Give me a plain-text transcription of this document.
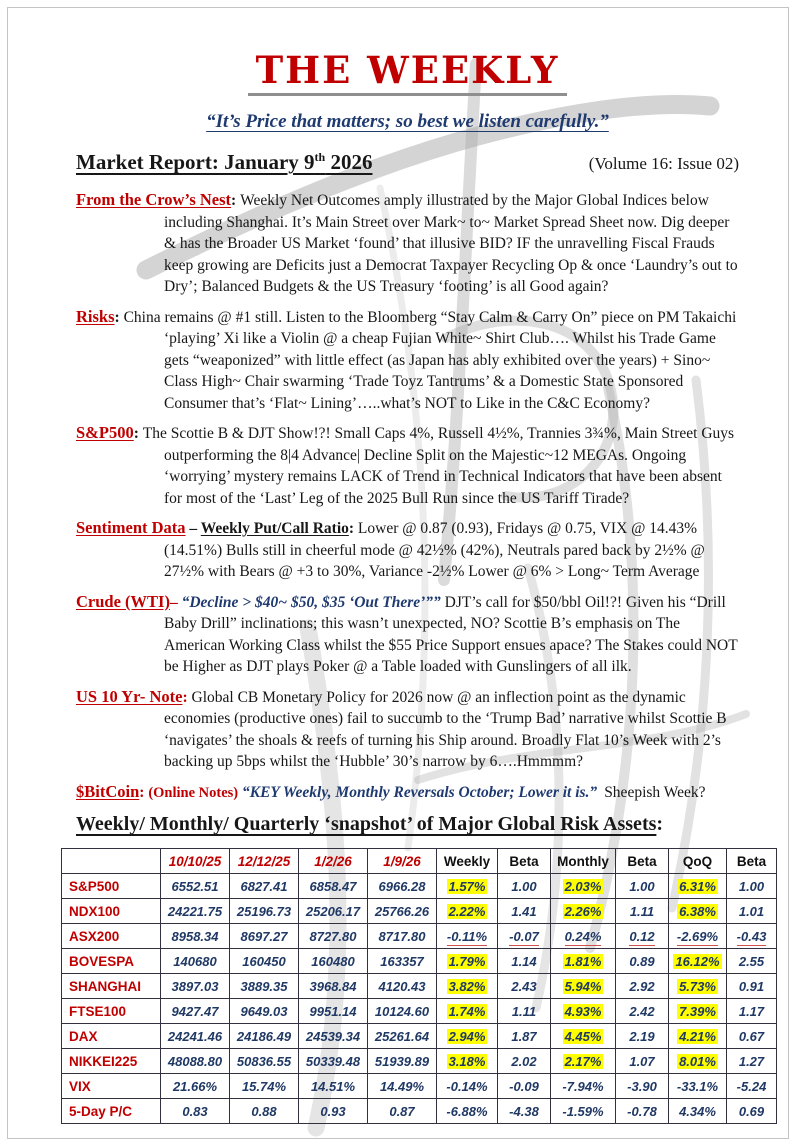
THE WEEKLY
“It’s Price that matters; so best we listen carefully.”
Market Report: January 9th 2026	(Volume 16: Issue 02)

From the Crow’s Nest: Weekly Net Outcomes amply illustrated by the Major Global Indices below including Shanghai. It’s Main Street over Mark~ to~ Market Spread Sheet now. Dig deeper & has the Broader US Market ‘found’ that illusive BID? IF the unravelling Fiscal Frauds keep growing are Deficits just a Democrat Taxpayer Recycling Op & once ‘Laundry’s out to Dry’; Balanced Budgets & the US Treasury ‘footing’ is all Good again?

Risks: China remains @ #1 still. Listen to the Bloomberg “Stay Calm & Carry On” piece on PM Takaichi ‘playing’ Xi like a Violin @ a cheap Fujian White~ Shirt Club…. Whilst his Trade Game gets “weaponized” with little effect (as Japan has ably exhibited over the years) + Sino~ Class High~ Chair swarming ‘Trade Toyz Tantrums’ & a Domestic State Sponsored Consumer that’s ‘Flat~ Lining’…..what’s NOT to Like in the C&C Economy?

S&P500: The Scottie B & DJT Show!?! Small Caps 4%, Russell 4½%, Trannies 3¾%, Main Street Guys outperforming the 8|4 Advance| Decline Split on the Majestic~12 MEGAs. Ongoing ‘worrying’ mystery remains LACK of Trend in Technical Indicators that have been absent for most of the ‘Last’ Leg of the 2025 Bull Run since the US Tariff Tirade?

Sentiment Data – Weekly Put/Call Ratio: Lower @ 0.87 (0.93), Fridays @ 0.75, VIX @ 14.43% (14.51%) Bulls still in cheerful mode @ 42½% (42%), Neutrals pared back by 2½% @ 27½% with Bears @ +3 to 30%, Variance -2½% Lower @ 6% > Long~ Term Average

Crude (WTI)– “Decline > $40~ $50, $35 ‘Out There’”” DJT’s call for $50/bbl Oil!?! Given his “Drill Baby Drill” inclinations; this wasn’t unexpected, NO? Scottie B’s emphasis on The American Working Class whilst the $55 Price Support ensues apace? The Stakes could NOT be Higher as DJT plays Poker @ a Table loaded with Gunslingers of all ilk.

US 10 Yr- Note: Global CB Monetary Policy for 2026 now @ an inflection point as the dynamic economies (productive ones) fail to succumb to the ‘Trump Bad’ narrative whilst Scottie B ‘navigates’ the shoals & reefs of turning his Ship around. Broadly Flat 10’s Week with 2’s backing up 5bps whilst the ‘Hubble’ 30’s narrow by 6….Hmmmm?

$BitCoin: (Online Notes) “KEY Weekly, Monthly Reversals October; Lower it is.” Sheepish Week?

Weekly/ Monthly/ Quarterly ‘snapshot’ of Major Global Risk Assets:
	10/10/25	12/12/25	1/2/26	1/9/26	Weekly	Beta	Monthly	Beta	QoQ	Beta
S&P500	6552.51	6827.41	6858.47	6966.28	1.57%	1.00	2.03%	1.00	6.31%	1.00
NDX100	24221.75	25196.73	25206.17	25766.26	2.22%	1.41	2.26%	1.11	6.38%	1.01
ASX200	8958.34	8697.27	8727.80	8717.80	-0.11%	-0.07	0.24%	0.12	-2.69%	-0.43
BOVESPA	140680	160450	160480	163357	1.79%	1.14	1.81%	0.89	16.12%	2.55
SHANGHAI	3897.03	3889.35	3968.84	4120.43	3.82%	2.43	5.94%	2.92	5.73%	0.91
FTSE100	9427.47	9649.03	9951.14	10124.60	1.74%	1.11	4.93%	2.42	7.39%	1.17
DAX	24241.46	24186.49	24539.34	25261.64	2.94%	1.87	4.45%	2.19	4.21%	0.67
NIKKEI225	48088.80	50836.55	50339.48	51939.89	3.18%	2.02	2.17%	1.07	8.01%	1.27
VIX	21.66%	15.74%	14.51%	14.49%	-0.14%	-0.09	-7.94%	-3.90	-33.1%	-5.24
5-Day P/C	0.83	0.88	0.93	0.87	-6.88%	-4.38	-1.59%	-0.78	4.34%	0.69
